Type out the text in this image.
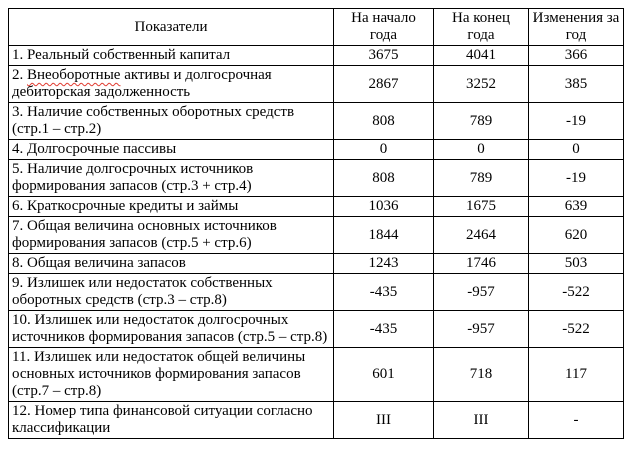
Показатели	На начало года	На конец года	Изменения за год
1. Реальный собственный капитал	3675	4041	366
2. Внеоборотные активы и долгосрочная дебиторская задолженность	2867	3252	385
3. Наличие собственных оборотных средств (стр.1 – стр.2)	808	789	-19
4. Долгосрочные пассивы	0	0	0
5. Наличие долгосрочных источников формирования запасов (стр.3 + стр.4)	808	789	-19
6. Краткосрочные кредиты и займы	1036	1675	639
7. Общая величина основных источников формирования запасов (стр.5 + стр.6)	1844	2464	620
8. Общая величина запасов	1243	1746	503
9. Излишек или недостаток собственных оборотных средств (стр.3 – стр.8)	-435	-957	-522
10. Излишек или недостаток долгосрочных источников формирования запасов (стр.5 – стр.8)	-435	-957	-522
11. Излишек или недостаток общей величины основных источников формирования запасов (стр.7 – стр.8)	601	718	117
12. Номер типа финансовой ситуации согласно классификации	III	III	-
